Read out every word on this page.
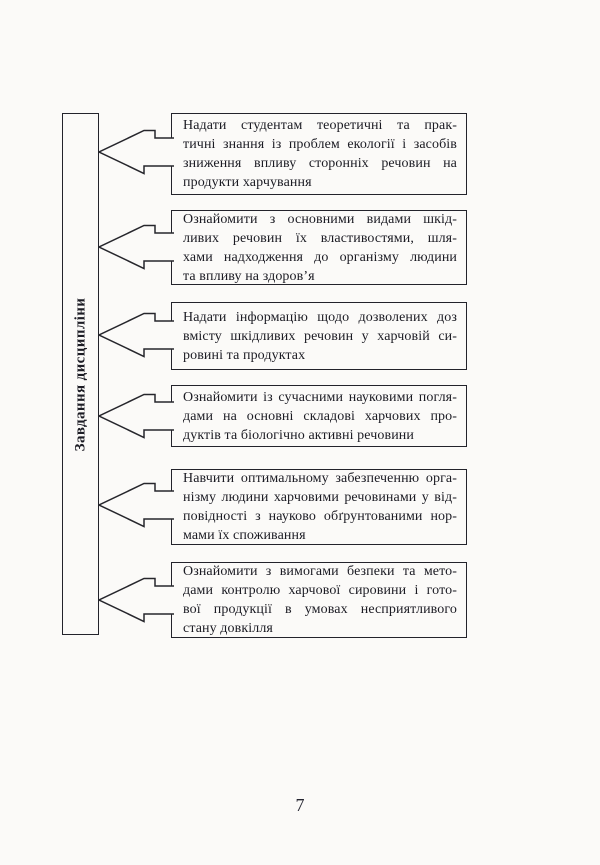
Завдання дисципліни
Надати студентам теоретичні та прак-
тичні знання із проблем екології і засобів
зниження впливу сторонніх речовин на
продукти харчування
Ознайомити з основними видами шкід-
ливих речовин їх властивостями, шля-
хами надходження до організму людини
та впливу на здоров’я
Надати інформацію щодо дозволених доз
вмісту шкідливих речовин у харчовій си-
ровині та продуктах
Ознайомити із сучасними науковими погля-
дами на основні складові харчових про-
дуктів та біологічно активні речовини
Навчити оптимальному забезпеченню орга-
нізму людини харчовими речовинами у від-
повідності з науково обґрунтованими нор-
мами їх споживання
Ознайомити з вимогами безпеки та мето-
дами контролю харчової сировини і гото-
вої продукції в умовах несприятливого
стану довкілля
7
